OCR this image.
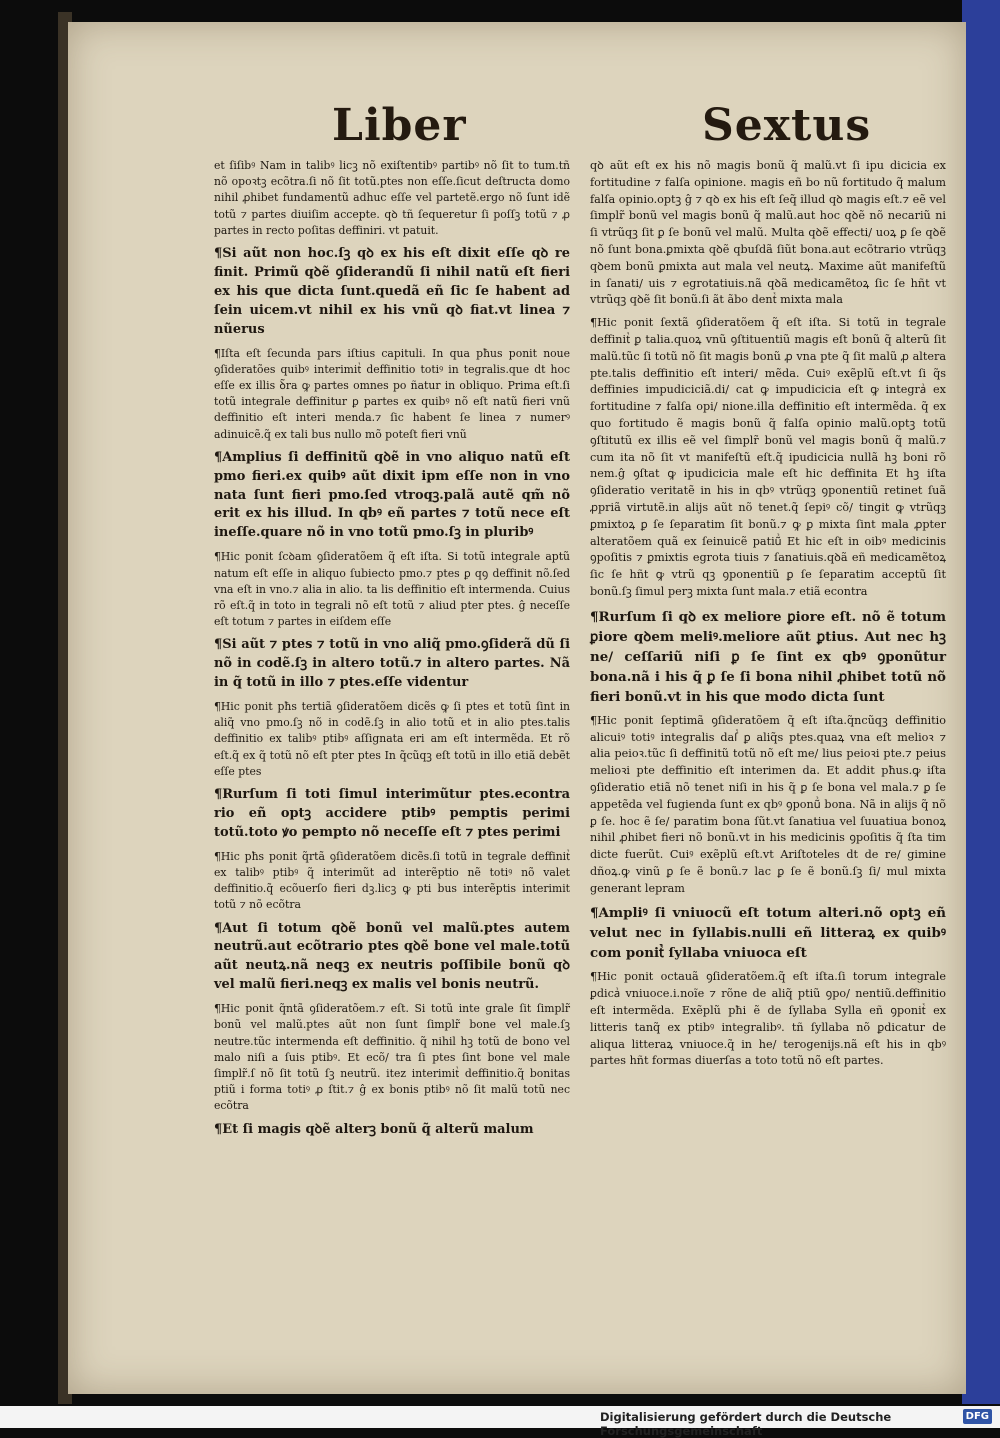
Liber	Sextus
et ſiſibꝰ Nam in talibꝰ licꝫ nõ exiſtentibꝰ partibꝰ nõ ſit to tum.tñ nõ opoꝛtꝫ ecõtra.ſi nõ ſit totũ.ptes non eſſe.ſicut deſtructa domo nihil ꝓhibet fundamentũ adhuc eſſe vel partetẽ.ergo nõ ſunt idẽ totũ ⁊ partes diuiſim accepte. qꝺ tñ ſequeretur ſi poſſꝫ totũ ⁊ ꝓ partes in recto poſitas deffiniri. vt patuit.
¶Si aũt non hoc.ſꝫ qꝺ ex his eſt dixit eſſe qꝺ re finit. Primũ qꝺẽ ꝯſiderandũ ſi nihil natũ eſt fieri ex his que dicta ſunt.quedã eñ ſic ſe habent ad ſein uicem.vt nihil ex his vnũ qꝺ fiat.vt linea ⁊ nũerus
¶Iſta eſt ſecunda pars iſtius capituli. In qua pħus ponit noue ꝯſideratões quibꝰ interimitᷣ deffinitio totiꝰ in tegralis.que dt hoc eſſe ex illis ꝺ̃ra ꝙ partes omnes po ñatur in obliquo. Prima eſt.ſi totũ integrale deffinitur ꝑ partes ex quibꝰ nõ eſt natũ fieri vnũ deffinitio eſt interi menda.⁊ ſic habent ſe linea ⁊ numerꝰ adinuicẽ.q̃ ex tali bus nullo mõ poteſt fieri vnũ
¶Amplius ſi deffinitũ qꝺẽ in vno aliquo natũ eſt pmo fieri.ex quibꝰ aũt dixit ipm eſſe non in vno nata ſunt fieri pmo.ſed vtroqꝫ.palã autẽ qm̃ nõ erit ex his illud. In qbꝰ eñ partes ⁊ totũ nece eſt ineſſe.quare nõ in vno totũ pmo.ſꝫ in pluribꝰ
¶Hic ponit ſcꝺam ꝯſideratõem q̃ eſt iſta. Si totũ integrale aptũ natum eſt eſſe in aliquo ſubiecto pmo.⁊ ptes ꝑ qꝯ deffinit nõ.ſed vna eſt in vno.⁊ alia in alio. ta lis deffinitio eſt intermenda. Cuius rõ eſt.q̃ in toto in tegrali nõ eſt totũ ⁊ aliud pter ptes. ĝ neceſſe eſt totum ⁊ partes in eiſdem eſſe
¶Si aũt ⁊ ptes ⁊ totũ in vno aliq̃ pmo.ꝯſiderã dũ ſi nõ in codẽ.ſꝫ in altero totũ.⁊ in altero partes. Nã in q̃ totũ in illo ⁊ ptes.eſſe videntur
¶Hic ponit pħs tertiã ꝯſideratõem dicẽs ꝙ ſi ptes et totũ ſint in aliq̃ vno pmo.ſꝫ nõ in codẽ.ſꝫ in alio totũ et in alio ptes.talis deffinitio ex talibꝰ ptibꝰ aſſignata eri am eſt intermẽda. Et rõ eſt.q̃ ex q̃ totũ nõ eſt pter ptes In q̃cũqꝫ eſt totũ in illo etiã debẽt eſſe ptes
¶Rurſum ſi toti ſimul interimũtur ptes.econtra rio eñ optꝫ accidere ptibꝰ pemptis perimi totũ.toto ꝟo pempto nõ neceſſe eſt ⁊ ptes perimi
¶Hic pħs ponit q̃rtã ꝯſideratõem dicẽs.ſi totũ in tegrale deffinitᷣ ex talibꝰ ptibꝰ q̃ interimũt ad interẽptio nẽ totiꝰ nõ valet deffinitio.q̃ ecõuerſo fieri dꝫ.licꝫ ꝙ pti bus interẽptis interimit totũ ⁊ nõ ecõtra
¶Aut ſi totum qꝺẽ bonũ vel malũ.ptes autem neutrũ.aut ecõtrario ptes qꝺẽ bone vel male.totũ aũt neutꝝ.nã neqꝫ ex neutris poſſibile bonũ qꝺ vel malũ fieri.neqꝫ ex malis vel bonis neutrũ.
¶Hic ponit q̃ntã ꝯſideratõem.⁊ eſt. Si totũ inte grale ſit ſimplr̃ bonũ vel malũ.ptes aũt non ſunt ſimplr̃ bone vel male.ſꝫ neutre.tũc intermenda eſt deffinitio. q̃ nihil hꝫ totũ de bono vel malo niſi a ſuis ptibꝰ. Et ecõ/ tra ſi ptes ſint bone vel male ſimplr̃.ſ nõ ſit totũ ſꝫ neutrũ. itez interimitᷣ deffinitio.q̃ bonitas ptiũ i forma totiꝰ ꝓ ſtit.⁊ ĝ ex bonis ptibꝰ nõ ſit malũ totũ nec ecõtra
¶Et ſi magis qꝺẽ alterꝫ bonũ q̃ alterũ malum
qꝺ aũt eſt ex his nõ magis bonũ q̃ malũ.vt ſi ipu dicicia ex fortitudine ⁊ falſa opinione. magis eñ bo nũ fortitudo q̃ malum falſa opinio.optꝫ ĝ ⁊ qꝺ ex his eſt ſeq̃ illud qꝺ magis eſt.⁊ eẽ vel ſimplr̃ bonũ vel magis bonũ q̃ malũ.aut hoc qꝺẽ nõ necariũ ni ſi vtrũqꝫ ſit ꝑ ſe bonũ vel malũ. Multa qꝺẽ effecti/ uoꝝ ꝑ ſe qꝺẽ nõ ſunt bona.ꝑmixta qꝺẽ qbuſdã ſiũt bona.aut ecõtrario vtrũqꝫ qꝺem bonũ ꝑmixta aut mala vel neutꝝ. Maxime aũt manifeſtũ in ſanati/ uis ⁊ egrotatiuis.nã qꝺã medicamẽtoꝝ ſic ſe hñt vt vtrũqꝫ qꝺẽ ſit bonũ.ſi ãt ãbo dentᷣ mixta mala
¶Hic ponit ſextã ꝯſideratõem q̃ eſt iſta. Si totũ in tegrale deffinitᷣ ꝑ talia.quoꝝ vnũ ꝯſtituentiũ magis eſt bonũ q̃ alterũ ſit malũ.tũc ſi totũ nõ ſit magis bonũ ꝓ vna pte q̃ ſit malũ ꝓ altera pte.talis deffinitio eſt interi/ mẽda. Cuiꝰ exẽplũ eſt.vt ſi q̃s deffinies impudiciciã.di/ cat ꝙ impudicicia eſt ꝙ integraᷣ ex fortitudine ⁊ falſa opi/ nione.illa deffinitio eſt intermẽda. q̃ ex quo fortitudo ẽ magis bonũ q̃ falſa opinio malũ.optꝫ totũ ꝯſtitutũ ex illis eẽ vel ſimplr̃ bonũ vel magis bonũ q̃ malũ.⁊ cum ita nõ ſit vt manifeſtũ eſt.q̃ ipudicicia nullã hꝫ boni rõ nem.ĝ ꝯſtat ꝙ ipudicicia male eſt hic deffinita Et hꝫ iſta ꝯſideratio veritatẽ in his in qbꝰ vtrũqꝫ ꝯponentiũ retinet ſuã ꝓpriã virtutẽ.in alijs aũt nõ tenet.q̃ ſepiꝰ cõ/ tingit ꝙ vtrũqꝫ ꝑmixtoꝝ ꝑ ſe ſeparatim ſit bonũ.⁊ ꝙ ꝑ mixta ſint mala ꝓpter alteratõem quã ex ſeinuicẽ patiũᷣ Et hic eſt in oibꝰ medicinis ꝯpoſitis ⁊ ꝑmixtis egrota tiuis ⁊ ſanatiuis.qꝺã eñ medicamẽtoꝝ ſic ſe hñt ꝙ vtrũ qꝫ ꝯponentiũ ꝑ ſe ſeparatim acceptũ ſit bonũ.ſꝫ ſimul perꝫ mixta ſunt mala.⁊ etiã econtra
¶Rurſum ſi qꝺ ex meliore ꝑiore eſt. nõ ẽ totum ꝑiore qꝺem meliꝰ.meliore aũt ꝑtius. Aut nec hꝫ ne/ ceſſariũ niſi ꝑ ſe ſint ex qbꝰ ꝯponũtur bona.nã i his q̃ ꝑ ſe ſi bona nihil ꝓhibet totũ nõ fieri bonũ.vt in his que modo dicta ſunt
¶Hic ponit ſeptimã ꝯſideratõem q̃ eſt iſta.q̃ncũqꝫ deffinitio alicuiꝰ totiꝰ integralis daſᷣ ꝑ aliq̃s ptes.quaꝝ vna eſt melioꝛ ⁊ alia peioꝛ.tũc ſi deffinitũ totũ nõ eſt me/ lius peioꝛi pte.⁊ peius melioꝛi pte deffinitio eſt interimen da. Et addit pħus.ꝙ iſta ꝯſideratio etiã nõ tenet niſi in his q̃ ꝑ ſe bona vel mala.⁊ ꝑ ſe appetẽda vel fugienda ſunt ex qbꝰ ꝯponũᷣ bona. Nã in alijs q̃ nõ ꝑ ſe. hoc ẽ ſe/ paratim bona ſũt.vt ſanatiua vel ſuuatiua bonoꝝ nihil ꝓhibet fieri nõ bonũ.vt in his medicinis ꝯpoſitis q̃ ſta tim dicte fuerũt. Cuiꝰ exẽplũ eſt.vt Ariſtoteles dt de re/ gimine dñoꝝ.ꝙ vinũ ꝑ ſe ẽ bonũ.⁊ lac ꝑ ſe ẽ bonũ.ſꝫ ſi/ mul mixta generant lepram
¶Ampliꝰ ſi vniuocũ eſt totum alteri.nõ optꝫ eñ velut nec in ſyllabis.nulli eñ litteraꝝ ex quibꝰ com ponitᷣ ſyllaba vniuoca eſt
¶Hic ponit octauã ꝯſideratõem.q̃ eſt iſta.ſi torum integrale ꝑdicaᷣ vniuoce.i.noĩe ⁊ rõne de aliq̃ ptiũ ꝯpo/ nentiũ.deffinitio eſt intermẽda. Exẽplũ pħi ẽ de ſyllaba Sylla eñ ꝯponitᷣ ex litteris tanq̃ ex ptibꝰ integralibꝰ. tñ ſyllaba nõ ꝑdicatur de aliqua litteraꝝ vniuoce.q̃ in he/ terogenijs.nã eſt his in qbꝰ partes hñt formas diuerſas a toto totũ nõ eſt partes.
Digitalisierung gefördert durch die Deutsche Forschungsgemeinschaft
DFG
